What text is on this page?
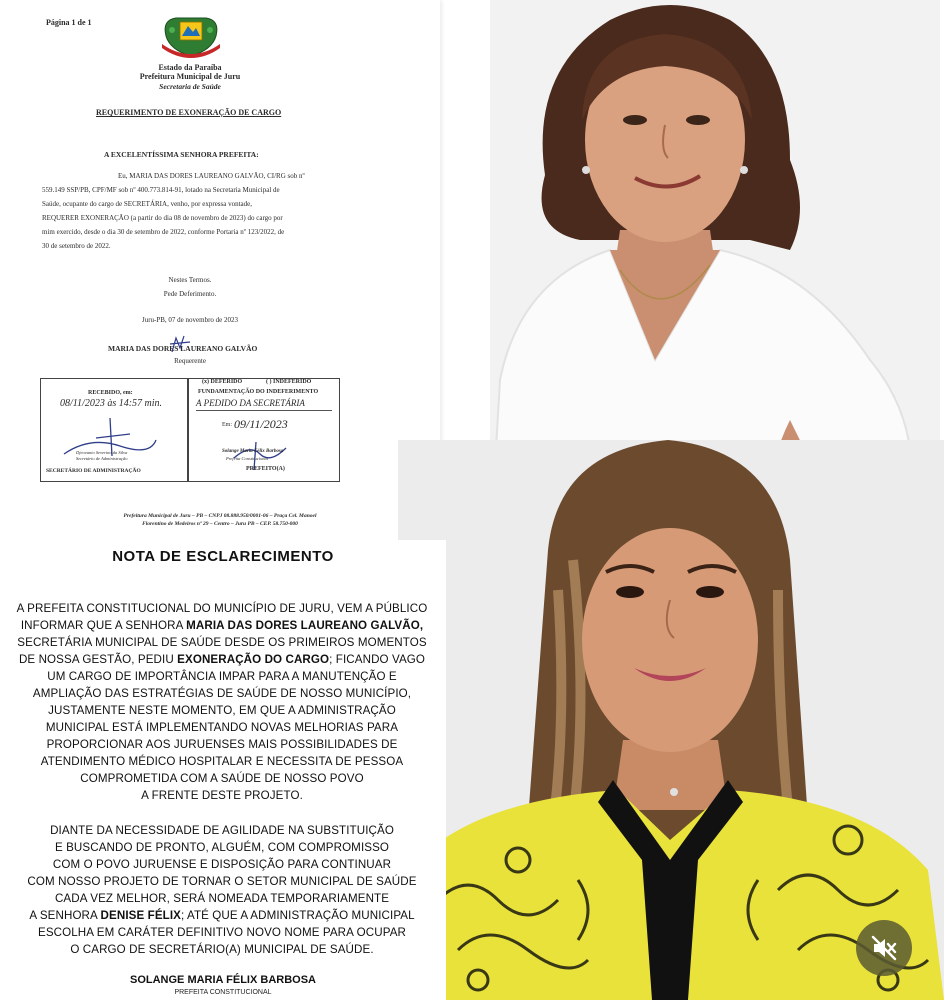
Página 1 de 1
Estado da Paraíba
Prefeitura Municipal de Juru
Secretaria de Saúde
REQUERIMENTO DE EXONERAÇÃO DE CARGO
A EXCELENTÍSSIMA SENHORA PREFEITA:
Eu, MARIA DAS DORES LAUREANO GALVÃO, CI/RG sob nº
559.149 SSP/PB, CPF/MF sob nº 400.773.814-91, lotado na Secretaria Municipal de
Saúde, ocupante do cargo de SECRETÁRIA, venho, por expressa vontade,
REQUERER EXONERAÇÃO (a partir do dia 08 de novembro de 2023) do cargo por
mim exercido, desde o dia 30 de setembro de 2022, conforme Portaria nº 123/2022, de
30 de setembro de 2022.
Nestes Termos.
Pede Deferimento.
Juru-PB, 07 de novembro de 2023
MARIA DAS DORES LAUREANO GALVÃO
Requerente
RECEBIDO, em:
08/11/2023 às 14:57 min.
Djeovanio Severino da Silva
Secretário de Administração
SECRETÁRIO DE ADMINISTRAÇÃO
(x) DEFERIDO	( ) INDEFERIDO
FUNDAMENTAÇÃO DO INDEFERIMENTO
A PEDIDO DA SECRETÁRIA
Em: 09/11/2023
Solange Maria Félix Barbosa
Prefeita Constitucional
PREFEITO(A)
Prefeitura Municipal de Juru – PB – CNPJ 08.888.950/0001-06 – Praça Cel. Manoel
Florentino de Medeiros nº 29 – Centro – Juru PB – CEP. 58.750-000
NOTA DE ESCLARECIMENTO
A PREFEITA CONSTITUCIONAL DO MUNICÍPIO DE JURU, VEM A PÚBLICO
INFORMAR QUE A SENHORA MARIA DAS DORES LAUREANO GALVÃO,
SECRETÁRIA MUNICIPAL DE SAÚDE DESDE OS PRIMEIROS MOMENTOS
DE NOSSA GESTÃO, PEDIU EXONERAÇÃO DO CARGO; FICANDO VAGO
UM CARGO DE IMPORTÂNCIA IMPAR PARA A MANUTENÇÃO E
AMPLIAÇÃO DAS ESTRATÉGIAS DE SAÚDE DE NOSSO MUNICÍPIO,
JUSTAMENTE NESTE MOMENTO, EM QUE A ADMINISTRAÇÃO
MUNICIPAL ESTÁ IMPLEMENTANDO NOVAS MELHORIAS PARA
PROPORCIONAR AOS JURUENSES MAIS POSSIBILIDADES DE
ATENDIMENTO MÉDICO HOSPITALAR E NECESSITA DE PESSOA
COMPROMETIDA COM A SAÚDE DE NOSSO POVO
A FRENTE DESTE PROJETO.
DIANTE DA NECESSIDADE DE AGILIDADE NA SUBSTITUIÇÃO
E BUSCANDO DE PRONTO, ALGUÉM, COM COMPROMISSO
COM O POVO JURUENSE E DISPOSIÇÃO PARA CONTINUAR
COM NOSSO PROJETO DE TORNAR O SETOR MUNICIPAL DE SAÚDE
CADA VEZ MELHOR, SERÁ NOMEADA TEMPORARIAMENTE
A SENHORA DENISE FÉLIX; ATÉ QUE A ADMINISTRAÇÃO MUNICIPAL
ESCOLHA EM CARÁTER DEFINITIVO NOVO NOME PARA OCUPAR
O CARGO DE SECRETÁRIO(A) MUNICIPAL DE SAÚDE.
SOLANGE MARIA FÉLIX BARBOSA
PREFEITA CONSTITUCIONAL
